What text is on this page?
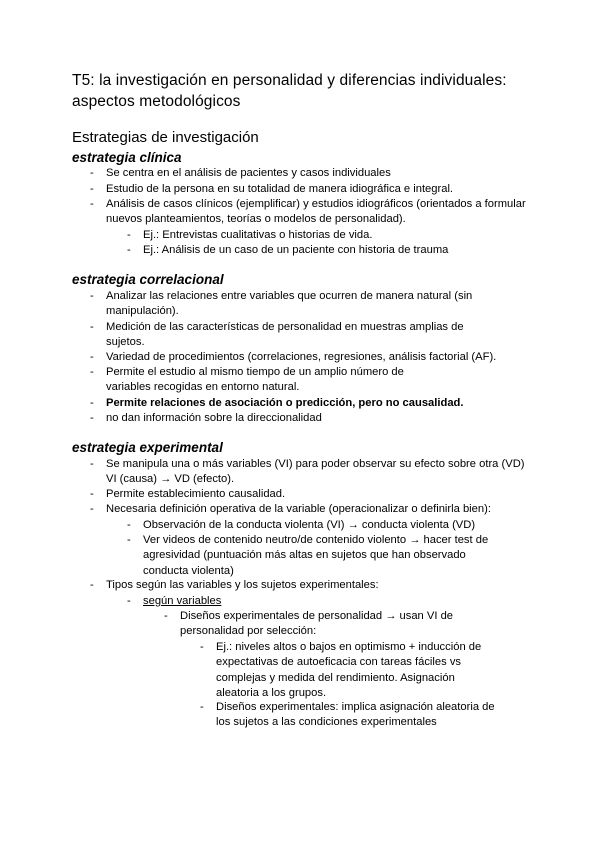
T5: la investigación en personalidad y diferencias individuales: aspectos metodológicos
Estrategias de investigación
estrategia clínica
- Se centra en el análisis de pacientes y casos individuales
- Estudio de la persona en su totalidad de manera idiográfica e integral.
- Análisis de casos clínicos (ejemplificar) y estudios idiográficos (orientados a formular nuevos planteamientos, teorías o modelos de personalidad).
- Ej.: Entrevistas cualitativas o historias de vida.
- Ej.: Análisis de un caso de un paciente con historia de trauma
estrategia correlacional
- Analizar las relaciones entre variables que ocurren de manera natural (sin manipulación).
- Medición de las características de personalidad en muestras amplias de sujetos.
- Variedad de procedimientos (correlaciones, regresiones, análisis factorial (AF).
- Permite el estudio al mismo tiempo de un amplio número de variables recogidas en entorno natural.
- Permite relaciones de asociación o predicción, pero no causalidad.
- no dan información sobre la direccionalidad
estrategia experimental
- Se manipula una o más variables (VI) para poder observar su efecto sobre otra (VD) VI (causa) → VD (efecto).
- Permite establecimiento causalidad.
- Necesaria definición operativa de la variable (operacionalizar o definirla bien):
- Observación de la conducta violenta (VI) → conducta violenta (VD)
- Ver videos de contenido neutro/de contenido violento → hacer test de agresividad (puntuación más altas en sujetos que han observado conducta violenta)
- Tipos según las variables y los sujetos experimentales:
- según variables
- Diseños experimentales de personalidad → usan VI de personalidad por selección:
- Ej.: niveles altos o bajos en optimismo + inducción de expectativas de autoeficacia con tareas fáciles vs complejas y medida del rendimiento. Asignación aleatoria a los grupos.
- Diseños experimentales: implica asignación aleatoria de los sujetos a las condiciones experimentales
